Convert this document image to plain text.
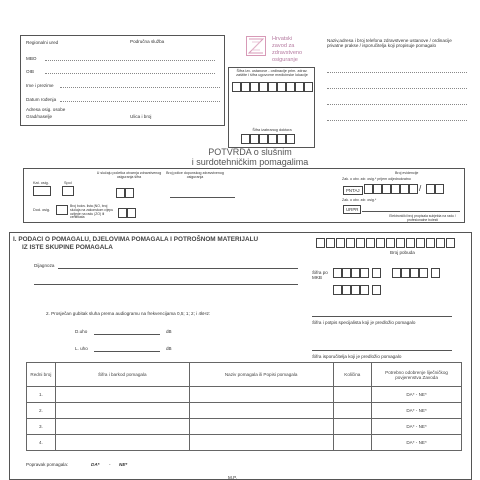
Regionalni ured	Područna služba
MBO
OIB
Ime i prezime
Datum rođenja
Adresa osig. osobe
Grad/naselje	Ulica i broj
Hrvatski
zavod za
zdravstveno
osiguranje
Šifra izv. ustanove - ordinacije prim. zdrav. zaštite i šifra ugovorne medicinske lokacije
Šifra izabranog doktora
Naziv,adresa i broj telefona zdravstvene ustanove / ordinacije privatne prakse / isporučitelja koji propisuje pomagalo
POTVRDA o slušnim
i surdotehničkim pomagalima
Kat. osig.	Spol
U slučaju početka otvarnja zdravstvenog osiguranja šifra
Broj police dopunskog zdravstvenog osiguranja
Broj evidencije
Zak. o obv. zdr. osig.* prijem odjednokratno
PNTAJ	/
Zak. o obv. zdr. osig.*
URPR
Elektronički broj propisala subjekta na radu / profesionalne bolesti
Dod. osig.
Broj bolov. lista (NO, broj slučaja na zakonskom cijepu ozljede na radu (ZO) ili certifikata
I. PODACI O POMAGALU, DJELOVIMA POMAGALA I POTROŠNOM MATERIJALU
IZ ISTE SKUPINE POMAGALA
Broj pobuda
Dijagnoza
Šifra po MKB
2. Prosječan gubitak sluha prema audiogramu na frekvencijama 0,5; 1; 2; i 4kHz:
D.uho	dB
L. uho	dB
Šifra i potpis specijalista koji je predložio pomagalo
Šifra isporučitelja koji je predložio pomagalo
Redni broj	Šifra i barkod pomagala	Naziv pomagala ili Popisi pomagala	Količina	Potrebno odobrenje liječničkog povjerenstva Zavoda
1.				DA* - NE*
2.				DA* - NE*
3.				DA* - NE*
4.				DA* - NE*
Popravak pomagala:	DA* - NE*
M.P.
